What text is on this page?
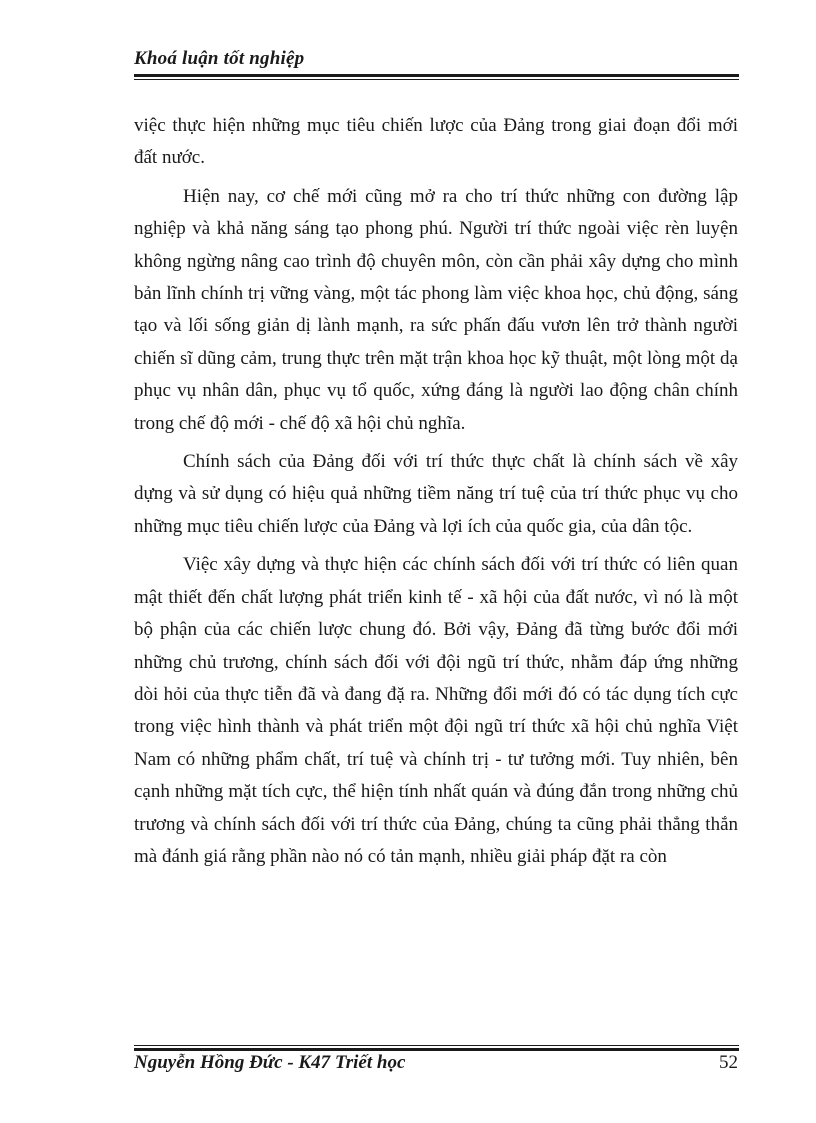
Khoá luận tốt nghiệp

việc thực hiện những mục tiêu chiến lược của Đảng trong giai đoạn đổi mới đất nước.

Hiện nay, cơ chế mới cũng mở ra cho trí thức những con đường lập nghiệp và khả năng sáng tạo phong phú. Người trí thức ngoài việc rèn luyện không ngừng nâng cao trình độ chuyên môn, còn cần phải xây dựng cho mình bản lĩnh chính trị vững vàng, một tác phong làm việc khoa học, chủ động, sáng tạo và lối sống giản dị lành mạnh, ra sức phấn đấu vươn lên trở thành người chiến sĩ dũng cảm, trung thực trên mặt trận khoa học kỹ thuật, một lòng một dạ phục vụ nhân dân, phục vụ tổ quốc, xứng đáng là người lao động chân chính trong chế độ mới - chế độ xã hội chủ nghĩa.

Chính sách của Đảng đối với trí thức thực chất là chính sách về xây dựng và sử dụng có hiệu quả những tiềm năng trí tuệ của trí thức phục vụ cho những mục tiêu chiến lược của Đảng và lợi ích của quốc gia, của dân tộc.

Việc xây dựng và thực hiện các chính sách đối với trí thức có liên quan mật thiết đến chất lượng phát triển kinh tế - xã hội của đất nước, vì nó là một bộ phận của các chiến lược chung đó. Bởi vậy, Đảng đã từng bước đổi mới những chủ trương, chính sách đối với đội ngũ trí thức, nhằm đáp ứng những dòi hỏi của thực tiễn đã và đang đặ ra. Những đổi mới đó có tác dụng tích cực trong việc hình thành và phát triển một đội ngũ trí thức xã hội chủ nghĩa Việt Nam có những phẩm chất, trí tuệ và chính trị - tư tưởng mới. Tuy nhiên, bên cạnh những mặt tích cực, thể hiện tính nhất quán và đúng đắn trong những chủ trương và chính sách đối với trí thức của Đảng, chúng ta cũng phải thẳng thắn mà đánh giá rằng phần nào nó có tản mạnh, nhiều giải pháp đặt ra còn

Nguyễn Hồng Đức - K47 Triết học	52
